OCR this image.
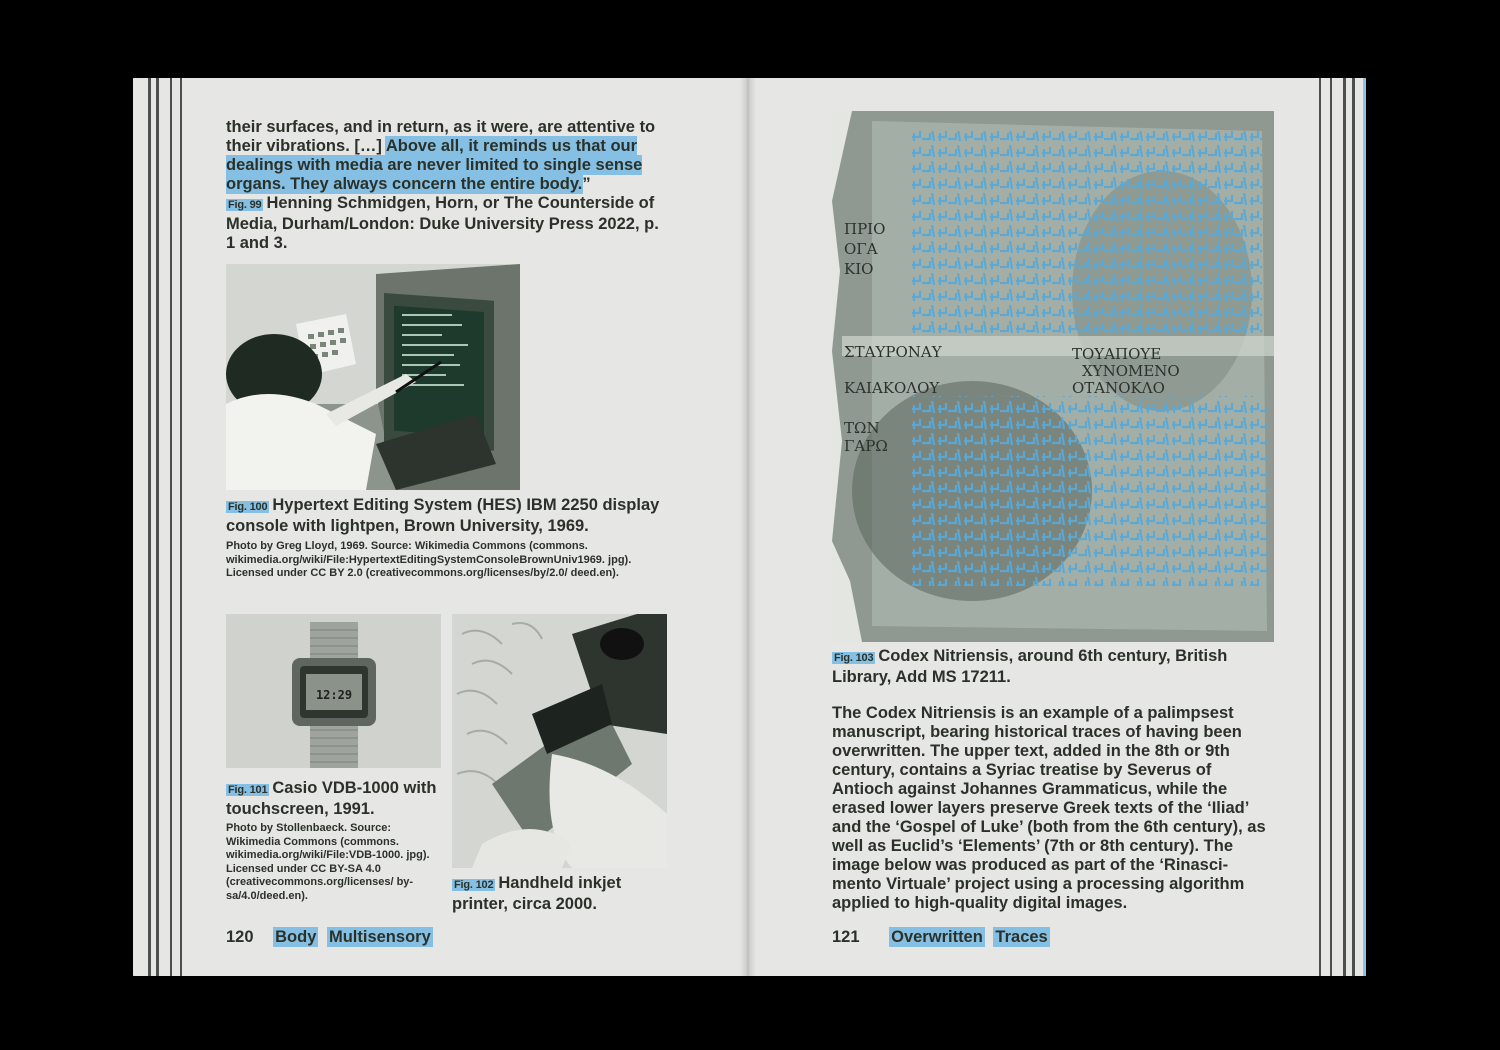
their surfaces, and in return, as it were, are attentive to their vibrations. […] Above all, it reminds us that our dealings with media are never limited to single sense organs. They always concern the entire body.”

Fig. 99 Henning Schmidgen, Horn, or The Counterside of Media, Durham/London: Duke University Press 2022, p. 1 and 3.

Fig. 100 Hypertext Editing System (HES) IBM 2250 display console with lightpen, Brown University, 1969.

Photo by Greg Lloyd, 1969. Source: Wikimedia Commons (commons. wikimedia.org/wiki/File:HypertextEditingSystemConsoleBrownUniv1969. jpg). Licensed under CC BY 2.0 (creativecommons.org/licenses/by/2.0/ deed.en).

12:29

Fig. 101 Casio VDB-1000 with touchscreen, 1991.

Photo by Stollenbaeck. Source: Wikimedia Commons (commons. wikimedia.org/wiki/File:VDB-1000. jpg). Licensed under CC BY-SA 4.0 (creativecommons.org/licenses/ by-sa/4.0/deed.en).

Fig. 102 Handheld inkjet printer, circa 2000.

120 Body Multisensory
ΣΤΑΥΡΟΝΑΥ	ΤΟΥΑΠΟΥΕ
ΚΑΙΑΚΟΛΟΥ	ΟΤΑΝΟΚΛΟ
ΧΥΝΟΜΕΝΟ
ΤΩΝ
ΓΑΡΩ
ΚΙΟ
ΟΓΑ
ΠΡΙΟ

Fig. 103 Codex Nitriensis, around 6th century, British Library, Add MS 17211.

The Codex Nitriensis is an example of a palimpsest manuscript, bearing historical traces of having been overwritten. The upper text, added in the 8th or 9th century, contains a Syriac treatise by Severus of Antioch against Johannes Grammaticus, while the erased lower layers preserve Greek texts of the ‘Iliad’ and the ‘Gospel of Luke’ (both from the 6th century), as well as Euclid’s ‘Elements’ (7th or 8th century). The image below was produced as part of the ‘Rinasci-mento Virtuale’ project using a processing algorithm applied to high-quality digital images.

121 Overwritten Traces
